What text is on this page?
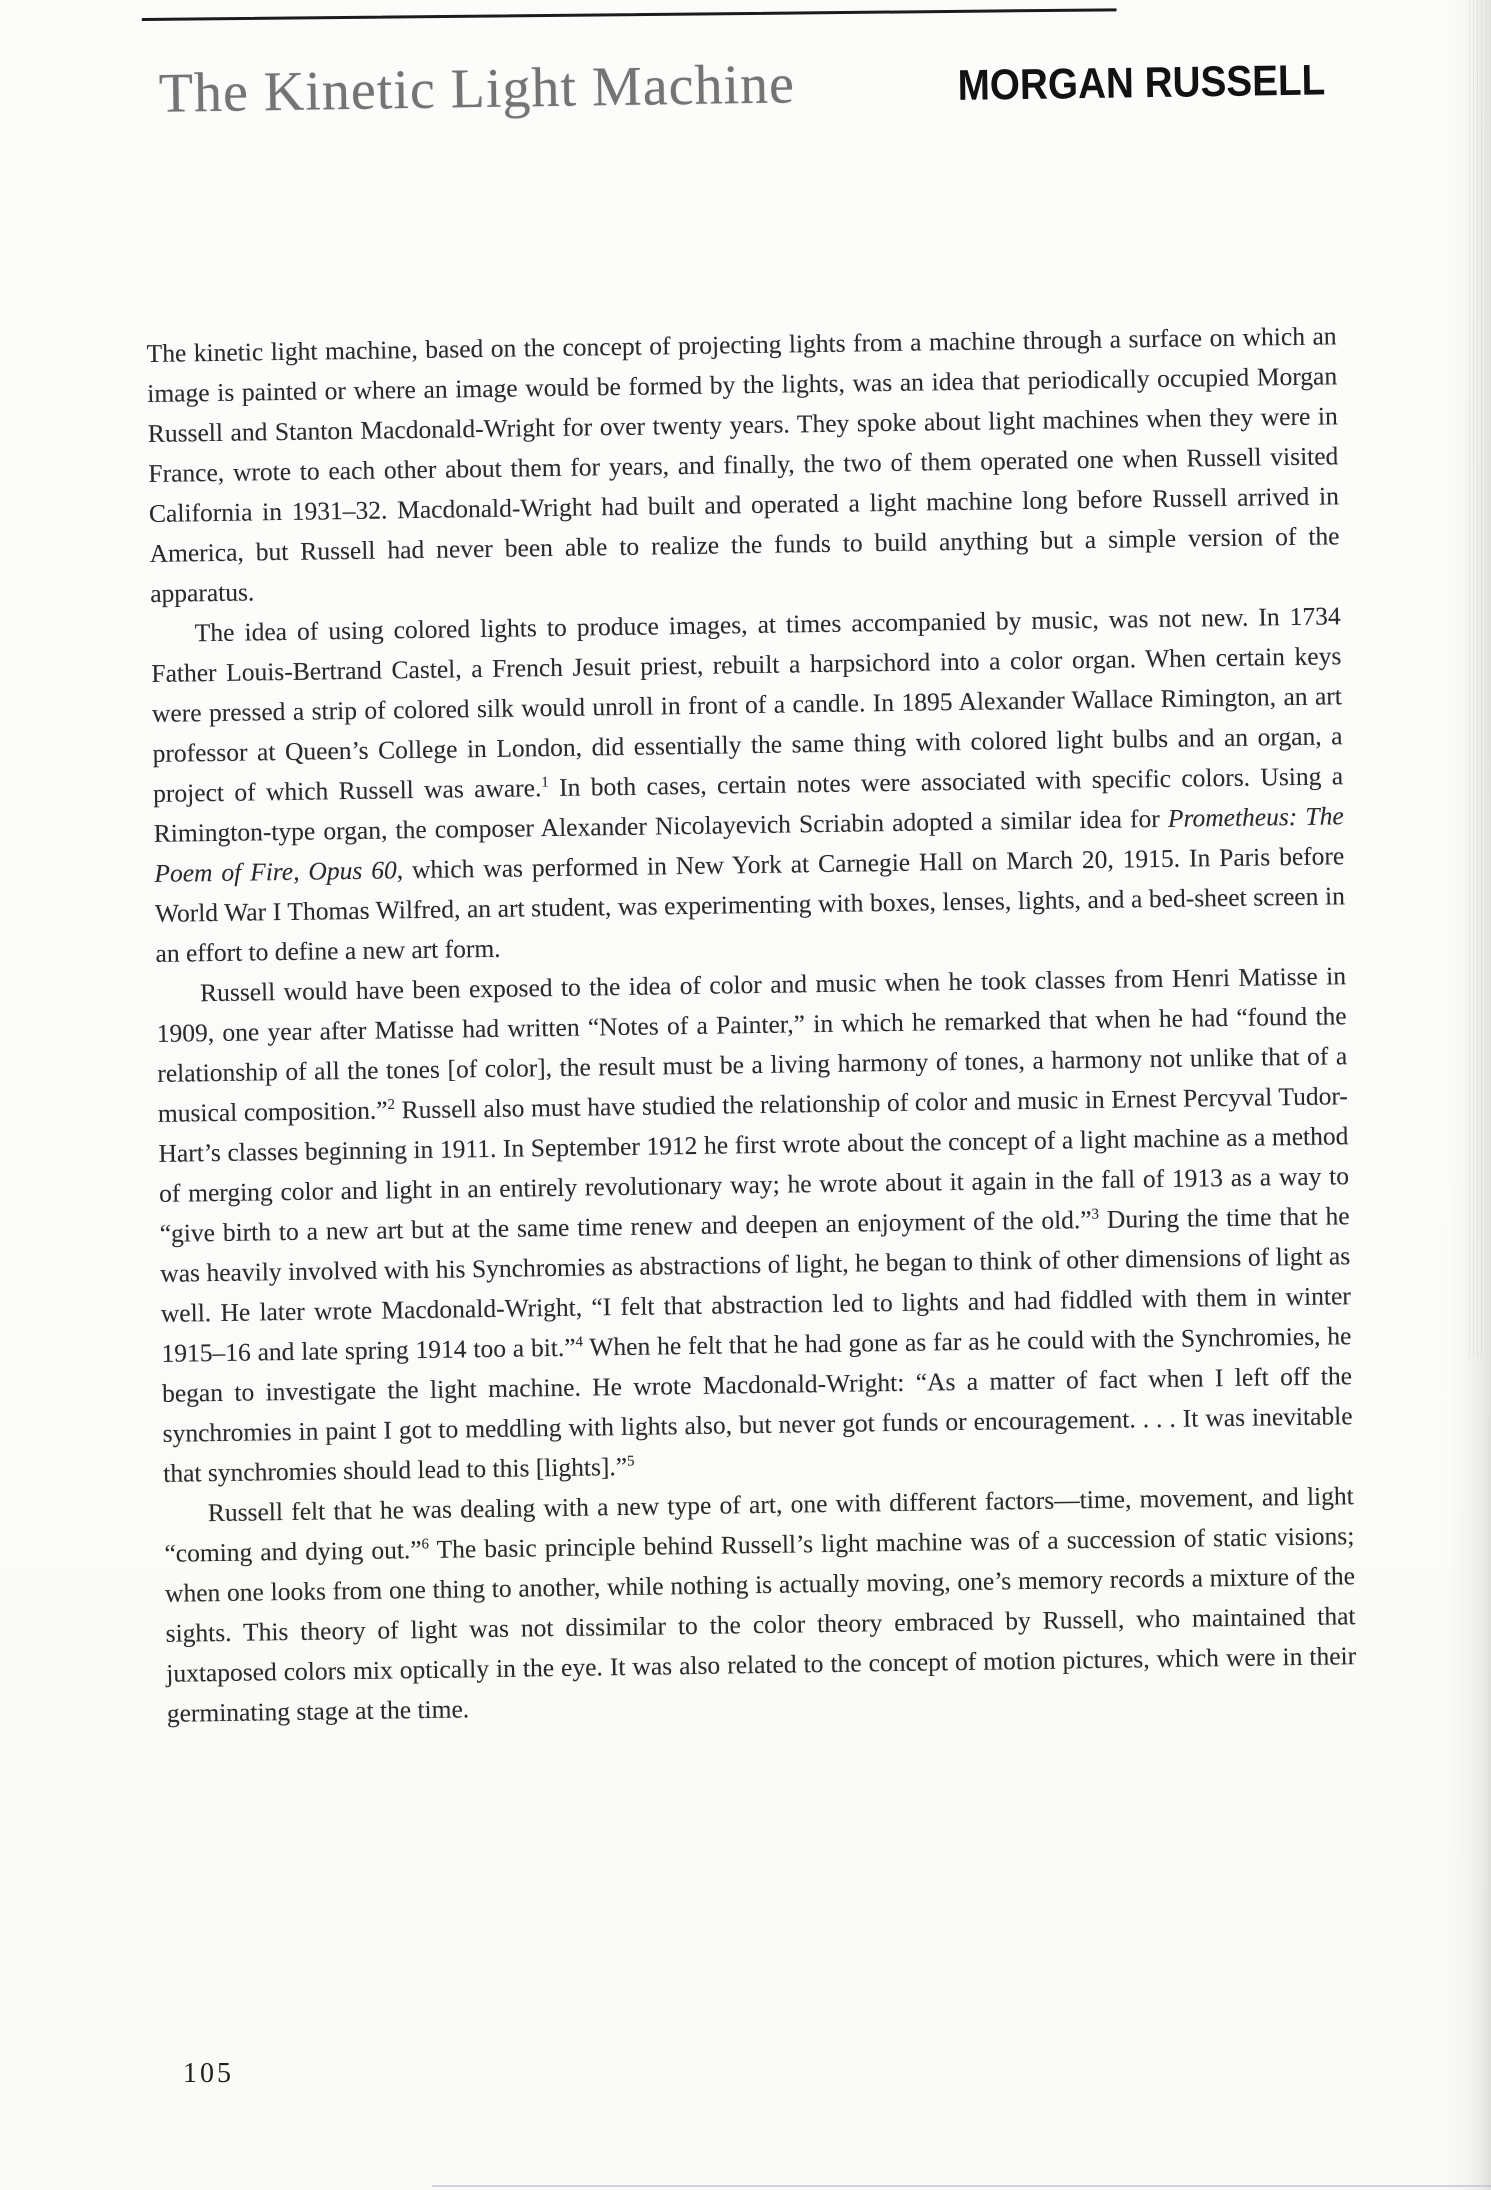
The Kinetic Light Machine	MORGAN RUSSELL

The kinetic light machine, based on the concept of projecting lights from a machine through a surface on which an image is painted or where an image would be formed by the lights, was an idea that periodically occupied Morgan Russell and Stanton Macdonald-Wright for over twenty years. They spoke about light machines when they were in France, wrote to each other about them for years, and finally, the two of them operated one when Russell visited California in 1931–32. Macdonald-Wright had built and operated a light machine long before Russell arrived in America, but Russell had never been able to realize the funds to build anything but a simple version of the apparatus.

The idea of using colored lights to produce images, at times accompanied by music, was not new. In 1734 Father Louis-Bertrand Castel, a French Jesuit priest, rebuilt a harpsichord into a color organ. When certain keys were pressed a strip of colored silk would unroll in front of a candle. In 1895 Alexander Wallace Rimington, an art professor at Queen’s College in London, did essentially the same thing with colored light bulbs and an organ, a project of which Russell was aware.$^1$ In both cases, certain notes were associated with specific colors. Using a Rimington-type organ, the composer Alexander Nicolayevich Scriabin adopted a similar idea for Prometheus: The Poem of Fire, Opus 60, which was performed in New York at Carnegie Hall on March 20, 1915. In Paris before World War I Thomas Wilfred, an art student, was experimenting with boxes, lenses, lights, and a bed-sheet screen in an effort to define a new art form.

Russell would have been exposed to the idea of color and music when he took classes from Henri Matisse in 1909, one year after Matisse had written “Notes of a Painter,” in which he remarked that when he had “found the relationship of all the tones [of color], the result must be a living harmony of tones, a harmony not unlike that of a musical composition.”$^2$ Russell also must have studied the relationship of color and music in Ernest Percyval Tudor-Hart’s classes beginning in 1911. In September 1912 he first wrote about the concept of a light machine as a method of merging color and light in an entirely revolutionary way; he wrote about it again in the fall of 1913 as a way to “give birth to a new art but at the same time renew and deepen an enjoyment of the old.”$^3$ During the time that he was heavily involved with his Synchromies as abstractions of light, he began to think of other dimensions of light as well. He later wrote Macdonald-Wright, “I felt that abstraction led to lights and had fiddled with them in winter 1915–16 and late spring 1914 too a bit.”$^4$ When he felt that he had gone as far as he could with the Synchromies, he began to investigate the light machine. He wrote Macdonald-Wright: “As a matter of fact when I left off the synchromies in paint I got to meddling with lights also, but never got funds or encouragement. . . . It was inevitable that synchromies should lead to this [lights].”$^5$

Russell felt that he was dealing with a new type of art, one with different factors—time, movement, and light “coming and dying out.”$^6$ The basic principle behind Russell’s light machine was of a succession of static visions; when one looks from one thing to another, while nothing is actually moving, one’s memory records a mixture of the sights. This theory of light was not dissimilar to the color theory embraced by Russell, who maintained that juxtaposed colors mix optically in the eye. It was also related to the concept of motion pictures, which were in their germinating stage at the time.

105
